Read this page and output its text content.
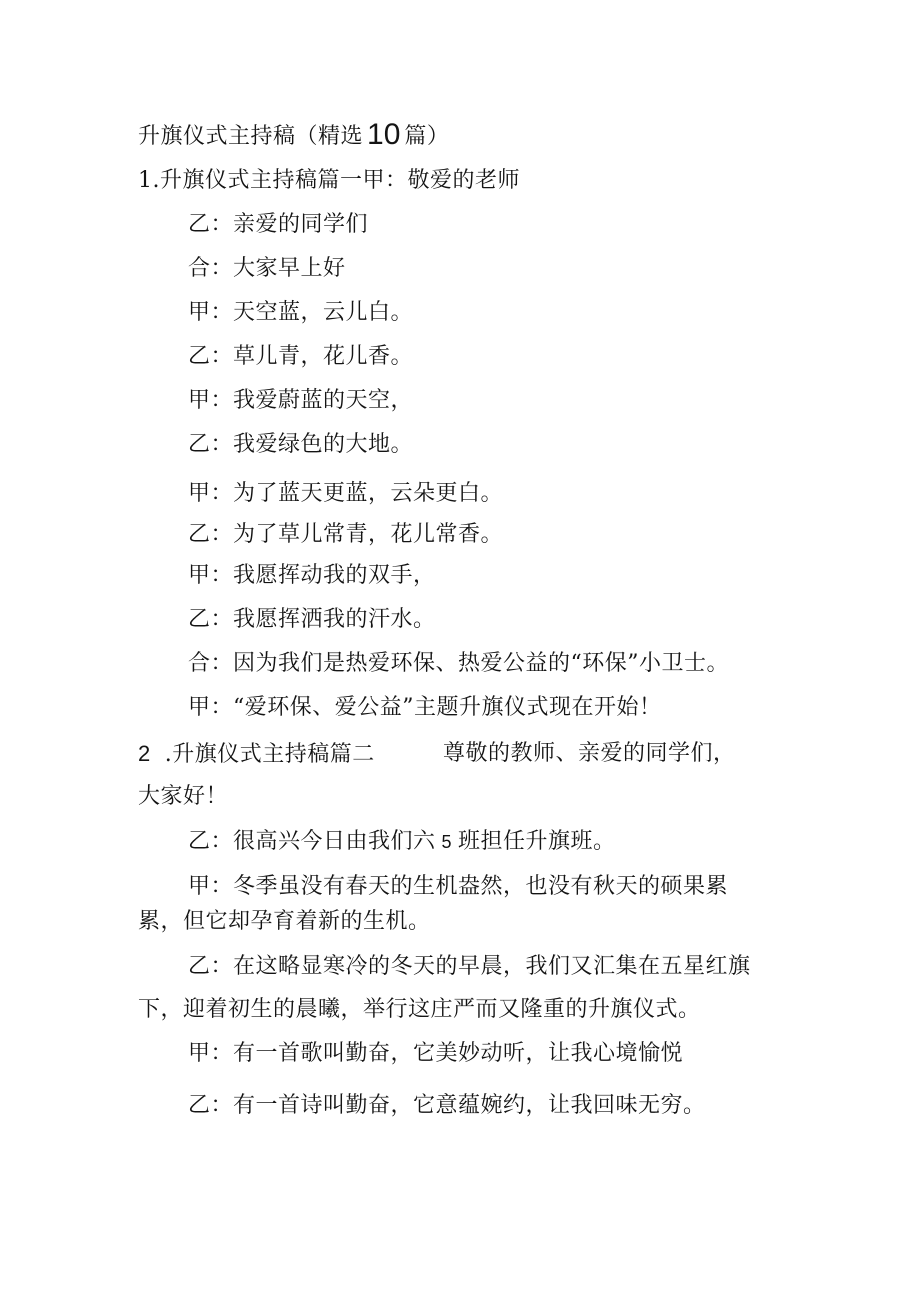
升旗仪式主持稿（精选 10 篇）
1.升旗仪式主持稿篇一甲：敬爱的老师
乙：亲爱的同学们
合：大家早上好
甲：天空蓝，云儿白。
乙：草儿青，花儿香。
甲：我爱蔚蓝的天空，
乙：我爱绿色的大地。
甲：为了蓝天更蓝，云朵更白。
乙：为了草儿常青，花儿常香。
甲：我愿挥动我的双手，
乙：我愿挥洒我的汗水。
合：因为我们是热爱环保、热爱公益的“环保”小卫士。
甲：“爱环保、爱公益”主题升旗仪式现在开始！
2 .升旗仪式主持稿篇二	尊敬的教师、亲爱的同学们，
大家好！
乙：很高兴今日由我们六 5 班担任升旗班。
甲：冬季虽没有春天的生机盎然，也没有秋天的硕果累
累，但它却孕育着新的生机。
乙：在这略显寒冷的冬天的早晨，我们又汇集在五星红旗
下，迎着初生的晨曦，举行这庄严而又隆重的升旗仪式。
甲：有一首歌叫勤奋，它美妙动听，让我心境愉悦
乙：有一首诗叫勤奋，它意蕴婉约，让我回味无穷。
